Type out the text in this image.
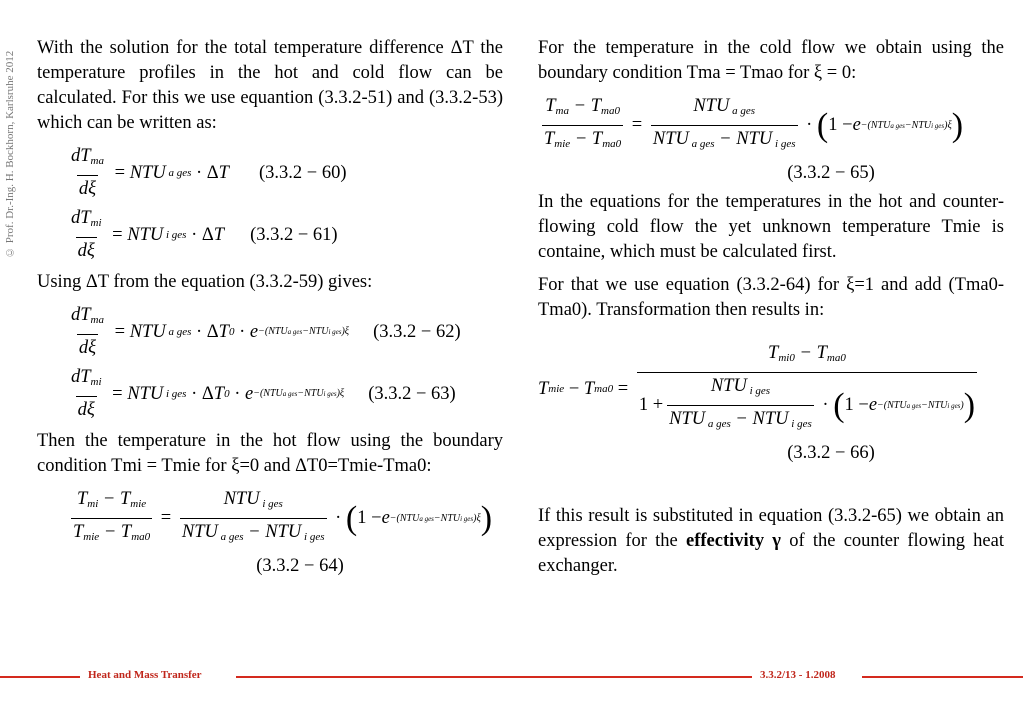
© Prof. Dr.-Ing. H. Bockhorn, Karlsruhe 2012

With the solution for the total temperature difference ΔT the temperature profiles in the hot and cold flow can be calculated. For this we use equantion (3.3.2-51) and (3.3.2-53) which can be written as:

$\frac{dT_{ma}}{d\xi}$ = NTU a ges · Δ T (3.3.2 − 60)
$\frac{dT_{mi}}{d\xi}$ = NTU i ges · Δ T (3.3.2 − 61)

Using ΔT from the equation (3.3.2-59) gives:

$\frac{dT_{ma}}{d\xi}$ = NTU a ges · Δ T 0 · e −(NTUa ges−NTUi ges)ξ (3.3.2 − 62)
$\frac{dT_{mi}}{d\xi}$ = NTU i ges · Δ T 0 · e −(NTUa ges−NTUi ges)ξ (3.3.2 − 63)

Then the temperature in the hot flow using the boundary condition Tmi = Tmie for ξ=0 and ΔT0=Tmie-Tma0:

$\frac{T_{mi} - T_{mie}}{T_{mie} - T_{ma0}} = \frac{NTU _{i ges}}{NTU _{a ges} - NTU _{i ges}}$ · ( 1 − e −(NTUa ges−NTUi ges)ξ )
(3.3.2 − 64)

For the temperature in the cold flow we obtain using the boundary condition Tma = Tmao for ξ = 0:

$\frac{T_{ma} - T_{ma0}}{T_{mie} - T_{ma0}} = \frac{NTU _{a ges}}{NTU _{a ges} - NTU _{i ges}}$ · ( 1 − e −(NTUa ges−NTUi ges)ξ )
(3.3.2 − 65)

In the equations for the temperatures in the hot and counter-flowing cold flow the yet unknown temperature Tmie is containe, which must be calculated first.

For that we use equation (3.3.2-64) for ξ=1 and add (Tma0-Tma0). Transformation then results in:

T mie − T ma0 =
$T_{mi0} - T_{ma0}$
$1 + \frac{NTU _{i ges}}{NTU _{a ges} - NTU _{i ges}}$ · ( 1 − e −(NTUa ges−NTUi ges) )
(3.3.2 − 66)

If this result is substituted in equation (3.3.2-65) we obtain an expression for the effectivity γ of the counter flowing heat exchanger.

Heat and Mass Transfer	3.3.2/13 - 1.2008
